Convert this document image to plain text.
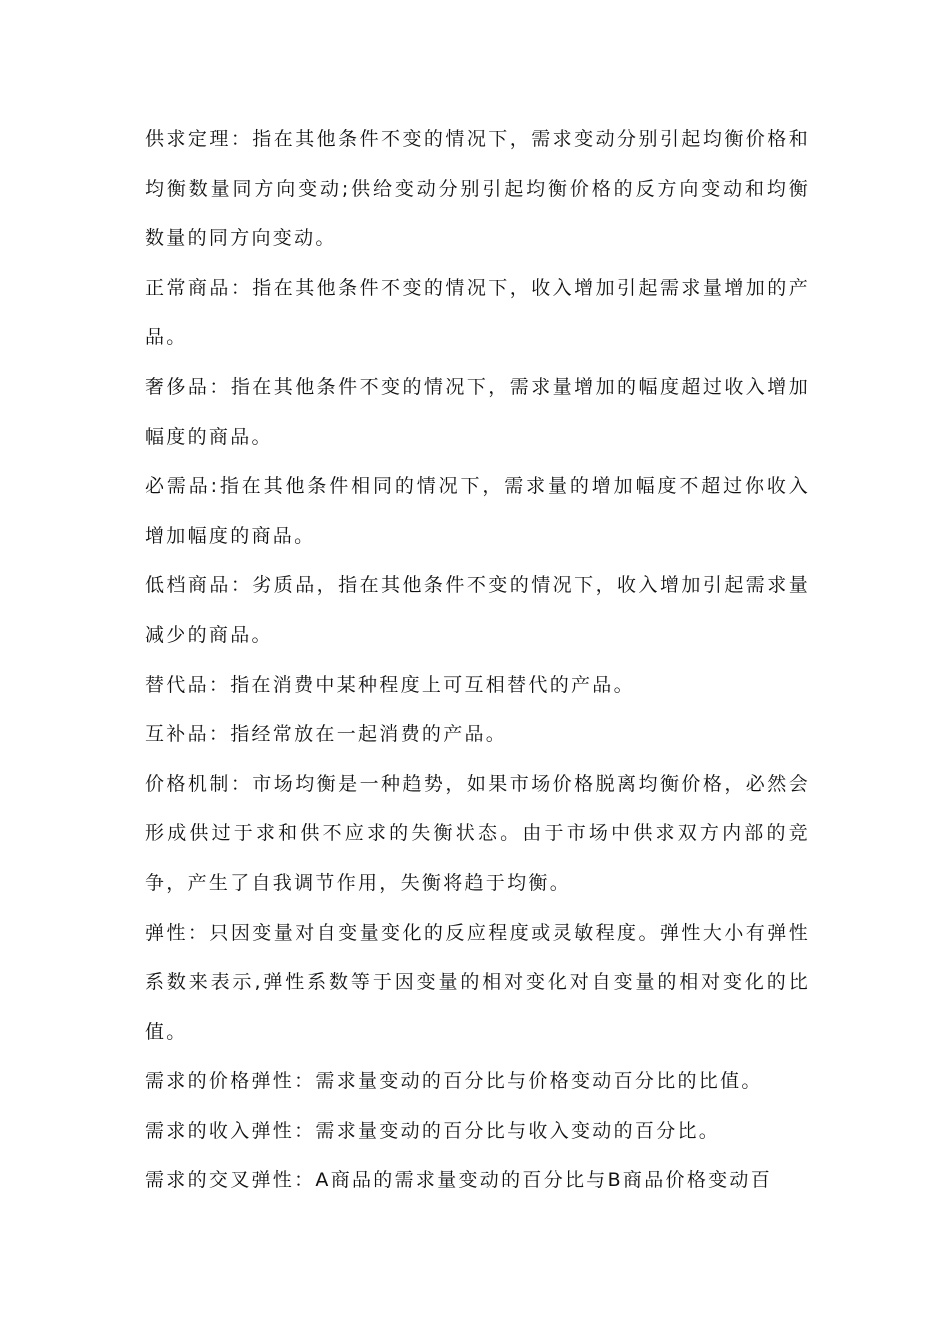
供求定理：指在其他条件不变的情况下，需求变动分别引起均衡价格和均衡数量同方向变动;供给变动分别引起均衡价格的反方向变动和均衡数量的同方向变动。

正常商品：指在其他条件不变的情况下，收入增加引起需求量增加的产品。

奢侈品：指在其他条件不变的情况下，需求量增加的幅度超过收入增加幅度的商品。

必需品:指在其他条件相同的情况下，需求量的增加幅度不超过你收入增加幅度的商品。

低档商品：劣质品，指在其他条件不变的情况下，收入增加引起需求量减少的商品。

替代品：指在消费中某种程度上可互相替代的产品。

互补品：指经常放在一起消费的产品。

价格机制：市场均衡是一种趋势，如果市场价格脱离均衡价格，必然会形成供过于求和供不应求的失衡状态。由于市场中供求双方内部的竞争，产生了自我调节作用，失衡将趋于均衡。

弹性：只因变量对自变量变化的反应程度或灵敏程度。弹性大小有弹性系数来表示,弹性系数等于因变量的相对变化对自变量的相对变化的比值。

需求的价格弹性：需求量变动的百分比与价格变动百分比的比值。

需求的收入弹性：需求量变动的百分比与收入变动的百分比。

需求的交叉弹性：A商品的需求量变动的百分比与B商品价格变动百
